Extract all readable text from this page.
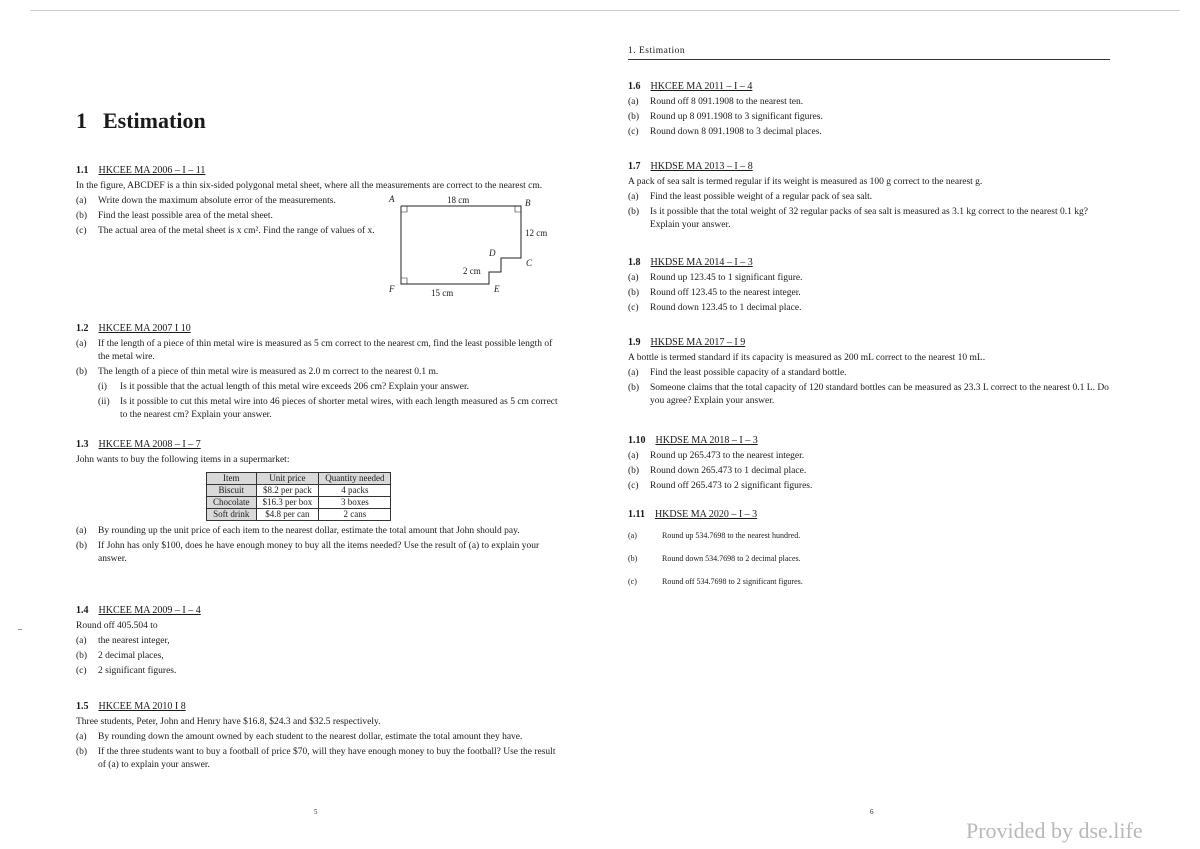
1 Estimation
1.1 HKCEE MA 2006 – I – 11

In the figure, ABCDEF is a thin six-sided polygonal metal sheet, where all the measurements are correct to the nearest cm.

(a)	Write down the maximum absolute error of the measurements.
(b)	Find the least possible area of the metal sheet.
(c)	The actual area of the metal sheet is x cm². Find the range of values of x.
A	B
C
D
E
F
18 cm
12 cm
15 cm
2 cm
1.2 HKCEE MA 2007 I 10
(a)	If the length of a piece of thin metal wire is measured as 5 cm correct to the nearest cm, find the least possible length of the metal wire.
(b)	The length of a piece of thin metal wire is measured as 2.0 m correct to the nearest 0.1 m.
(i)	Is it possible that the actual length of this metal wire exceeds 206 cm? Explain your answer.
(ii)	Is it possible to cut this metal wire into 46 pieces of shorter metal wires, with each length measured as 5 cm correct to the nearest cm? Explain your answer.
1.3 HKCEE MA 2008 – I – 7

John wants to buy the following items in a supermarket:

Item	Unit price	Quantity needed
Biscuit	$8.2 per pack	4 packs
Chocolate	$16.3 per box	3 boxes
Soft drink	$4.8 per can	2 cans
(a)	By rounding up the unit price of each item to the nearest dollar, estimate the total amount that John should pay.
(b)	If John has only $100, does he have enough money to buy all the items needed? Use the result of (a) to explain your answer.
1.4 HKCEE MA 2009 – I – 4

Round off 405.504 to

(a)	the nearest integer,
(b)	2 decimal places,
(c)	2 significant figures.
1.5 HKCEE MA 2010 I 8

Three students, Peter, John and Henry have $16.8, $24.3 and $32.5 respectively.

(a)	By rounding down the amount owned by each student to the nearest dollar, estimate the total amount they have.
(b)	If the three students want to buy a football of price $70, will they have enough money to buy the football? Use the result of (a) to explain your answer.
5
1. Estimation
1.6 HKCEE MA 2011 – I – 4
(a)	Round off 8 091.1908 to the nearest ten.
(b)	Round up 8 091.1908 to 3 significant figures.
(c)	Round down 8 091.1908 to 3 decimal places.
1.7 HKDSE MA 2013 – I – 8

A pack of sea salt is termed regular if its weight is measured as 100 g correct to the nearest g.

(a)	Find the least possible weight of a regular pack of sea salt.
(b)	Is it possible that the total weight of 32 regular packs of sea salt is measured as 3.1 kg correct to the nearest 0.1 kg? Explain your answer.
1.8 HKDSE MA 2014 – I – 3
(a)	Round up 123.45 to 1 significant figure.
(b)	Round off 123.45 to the nearest integer.
(c)	Round down 123.45 to 1 decimal place.
1.9 HKDSE MA 2017 – I 9

A bottle is termed standard if its capacity is measured as 200 mL correct to the nearest 10 mL.

(a)	Find the least possible capacity of a standard bottle.
(b)	Someone claims that the total capacity of 120 standard bottles can be measured as 23.3 L correct to the nearest 0.1 L. Do you agree? Explain your answer.
1.10 HKDSE MA 2018 – I – 3
(a)	Round up 265.473 to the nearest integer.
(b)	Round down 265.473 to 1 decimal place.
(c)	Round off 265.473 to 2 significant figures.
1.11 HKDSE MA 2020 – I – 3
(a)	Round up 534.7698 to the nearest hundred.
(b)	Round down 534.7698 to 2 decimal places.
(c)	Round off 534.7698 to 2 significant figures.
6
Provided by dse.life
